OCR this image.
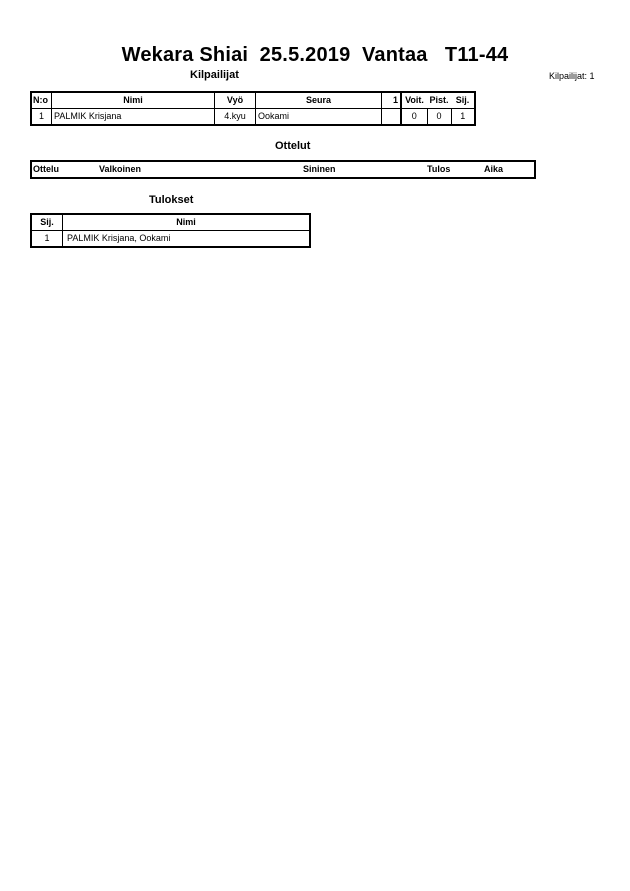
Wekara Shiai  25.5.2019  Vantaa   T11-44
Kilpailijat	Kilpailijat: 1
N:o	Nimi	Vyö	Seura	1	Voit.	Pist.	Sij.
1	PALMIK Krisjana	4.kyu	Ookami		0	0	1
Ottelut
Ottelu	Valkoinen	Sininen	Tulos	Aika
Tulokset
Sij.	Nimi
1	PALMIK Krisjana, Ookami
